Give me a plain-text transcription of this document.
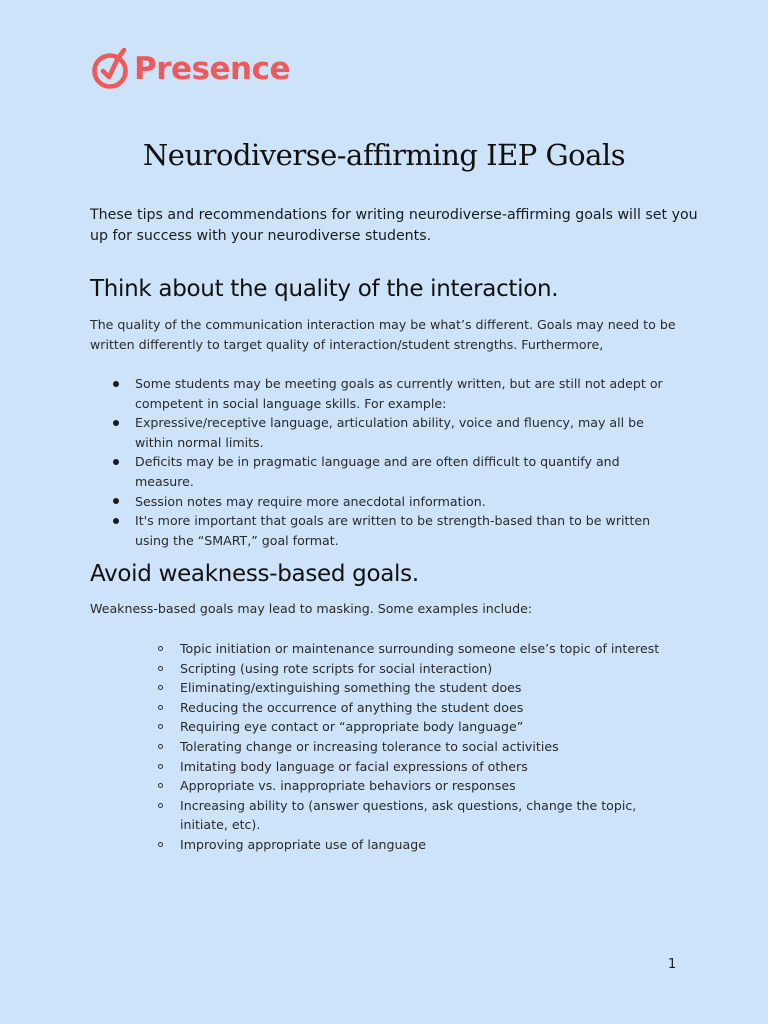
Presence
Neurodiverse-affirming IEP Goals

These tips and recommendations for writing neurodiverse-affirming goals will set you up for success with your neurodiverse students.

Think about the quality of the interaction.

The quality of the communication interaction may be what’s different. Goals may need to be written differently to target quality of interaction/student strengths. Furthermore,

Some students may be meeting goals as currently written, but are still not adept or competent in social language skills. For example:
Expressive/receptive language, articulation ability, voice and fluency, may all be within normal limits.
Deficits may be in pragmatic language and are often difficult to quantify and measure.
Session notes may require more anecdotal information.
It's more important that goals are written to be strength-based than to be written using the “SMART,” goal format.
Avoid weakness-based goals.

Weakness-based goals may lead to masking. Some examples include:

Topic initiation or maintenance surrounding someone else’s topic of interest
Scripting (using rote scripts for social interaction)
Eliminating/extinguishing something the student does
Reducing the occurrence of anything the student does
Requiring eye contact or “appropriate body language”
Tolerating change or increasing tolerance to social activities
Imitating body language or facial expressions of others
Appropriate vs. inappropriate behaviors or responses
Increasing ability to (answer questions, ask questions, change the topic, initiate, etc).
Improving appropriate use of language
1
